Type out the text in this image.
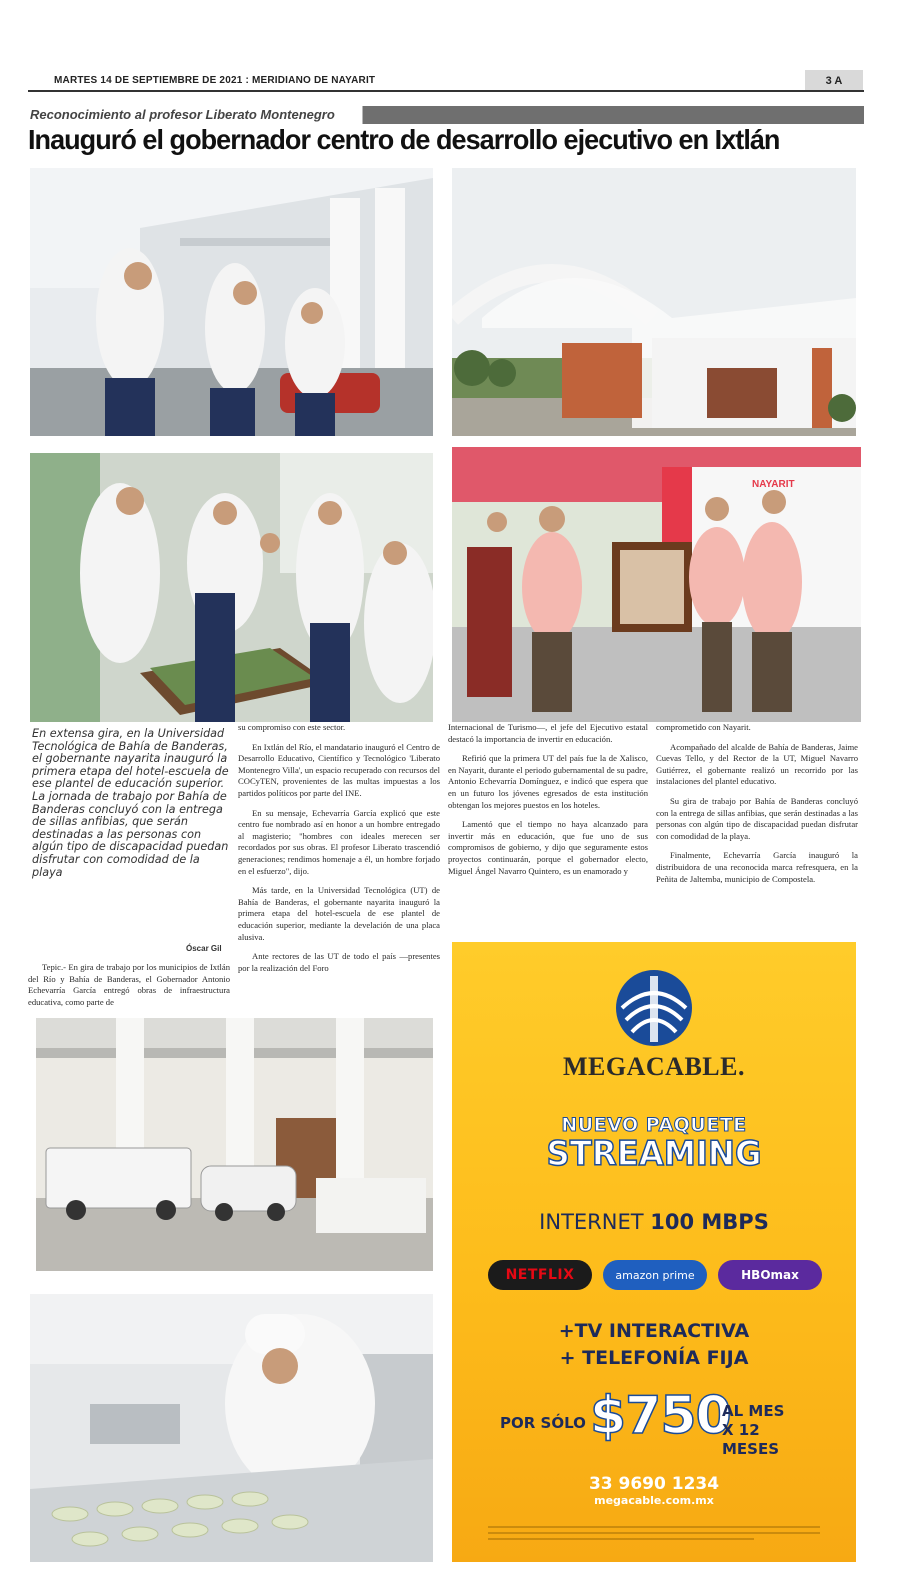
MARTES 14 DE SEPTIEMBRE DE 2021 : MERIDIANO DE NAYARIT	3 A
Reconocimiento al profesor Liberato Montenegro
Inauguró el gobernador centro de desarrollo ejecutivo en Ixtlán
NAYARIT
En extensa gira, en la Universidad Tecnológica de Bahía de Banderas, el gobernante nayarita inauguró la primera etapa del hotel-escuela de ese plantel de educación superior. La jornada de trabajo por Bahía de Banderas concluyó con la entrega de sillas anfibias, que serán destinadas a las personas con algún tipo de discapacidad puedan disfrutar con comodidad de la playa
Óscar Gil

Tepic.- En gira de trabajo por los municipios de Ixtlán del Río y Bahía de Banderas, el Gobernador Antonio Echevarría García entregó obras de infraestructura educativa, como parte de

su compromiso con este sector.

En Ixtlán del Río, el mandatario inauguró el Centro de Desarrollo Educativo, Científico y Tecnológico 'Liberato Montenegro Villa', un espacio recuperado con recursos del COCyTEN, provenientes de las multas impuestas a los partidos políticos por parte del INE.

En su mensaje, Echevarría García explicó que este centro fue nombrado así en honor a un hombre entregado al magisterio; "hombres con ideales merecen ser recordados por sus obras. El profesor Liberato trascendió generaciones; rendimos homenaje a él, un hombre forjado en el esfuerzo", dijo.

Más tarde, en la Universidad Tecnológica (UT) de Bahía de Banderas, el gobernante nayarita inauguró la primera etapa del hotel-escuela de ese plantel de educación superior, mediante la develación de una placa alusiva.

Ante rectores de las UT de todo el país —presentes por la realización del Foro

Internacional de Turismo—, el jefe del Ejecutivo estatal destacó la importancia de invertir en educación.

Refirió que la primera UT del país fue la de Xalisco, en Nayarit, durante el periodo gubernamental de su padre, Antonio Echevarría Domínguez, e indicó que espera que en un futuro los jóvenes egresados de esta institución obtengan los mejores puestos en los hoteles.

Lamentó que el tiempo no haya alcanzado para invertir más en educación, que fue uno de sus compromisos de gobierno, y dijo que seguramente estos proyectos continuarán, porque el gobernador electo, Miguel Ángel Navarro Quintero, es un enamorado y

comprometido con Nayarit.

Acompañado del alcalde de Bahía de Banderas, Jaime Cuevas Tello, y del Rector de la UT, Miguel Navarro Gutiérrez, el gobernante realizó un recorrido por las instalaciones del plantel educativo.

Su gira de trabajo por Bahía de Banderas concluyó con la entrega de sillas anfibias, que serán destinadas a las personas con algún tipo de discapacidad puedan disfrutar con comodidad de la playa.

Finalmente, Echevarría García inauguró la distribuidora de una reconocida marca refresquera, en la Peñita de Jaltemba, municipio de Compostela.

MEGACABLE.
NUEVO PAQUETE
STREAMING
INTERNET 100 MBPS
NETFLIX	amazon prime	HBOmax
+TV INTERACTIVA
+ TELEFONÍA FIJA
POR SÓLO $750
AL MES
X 12 MESES
33 9690 1234
megacable.com.mx
